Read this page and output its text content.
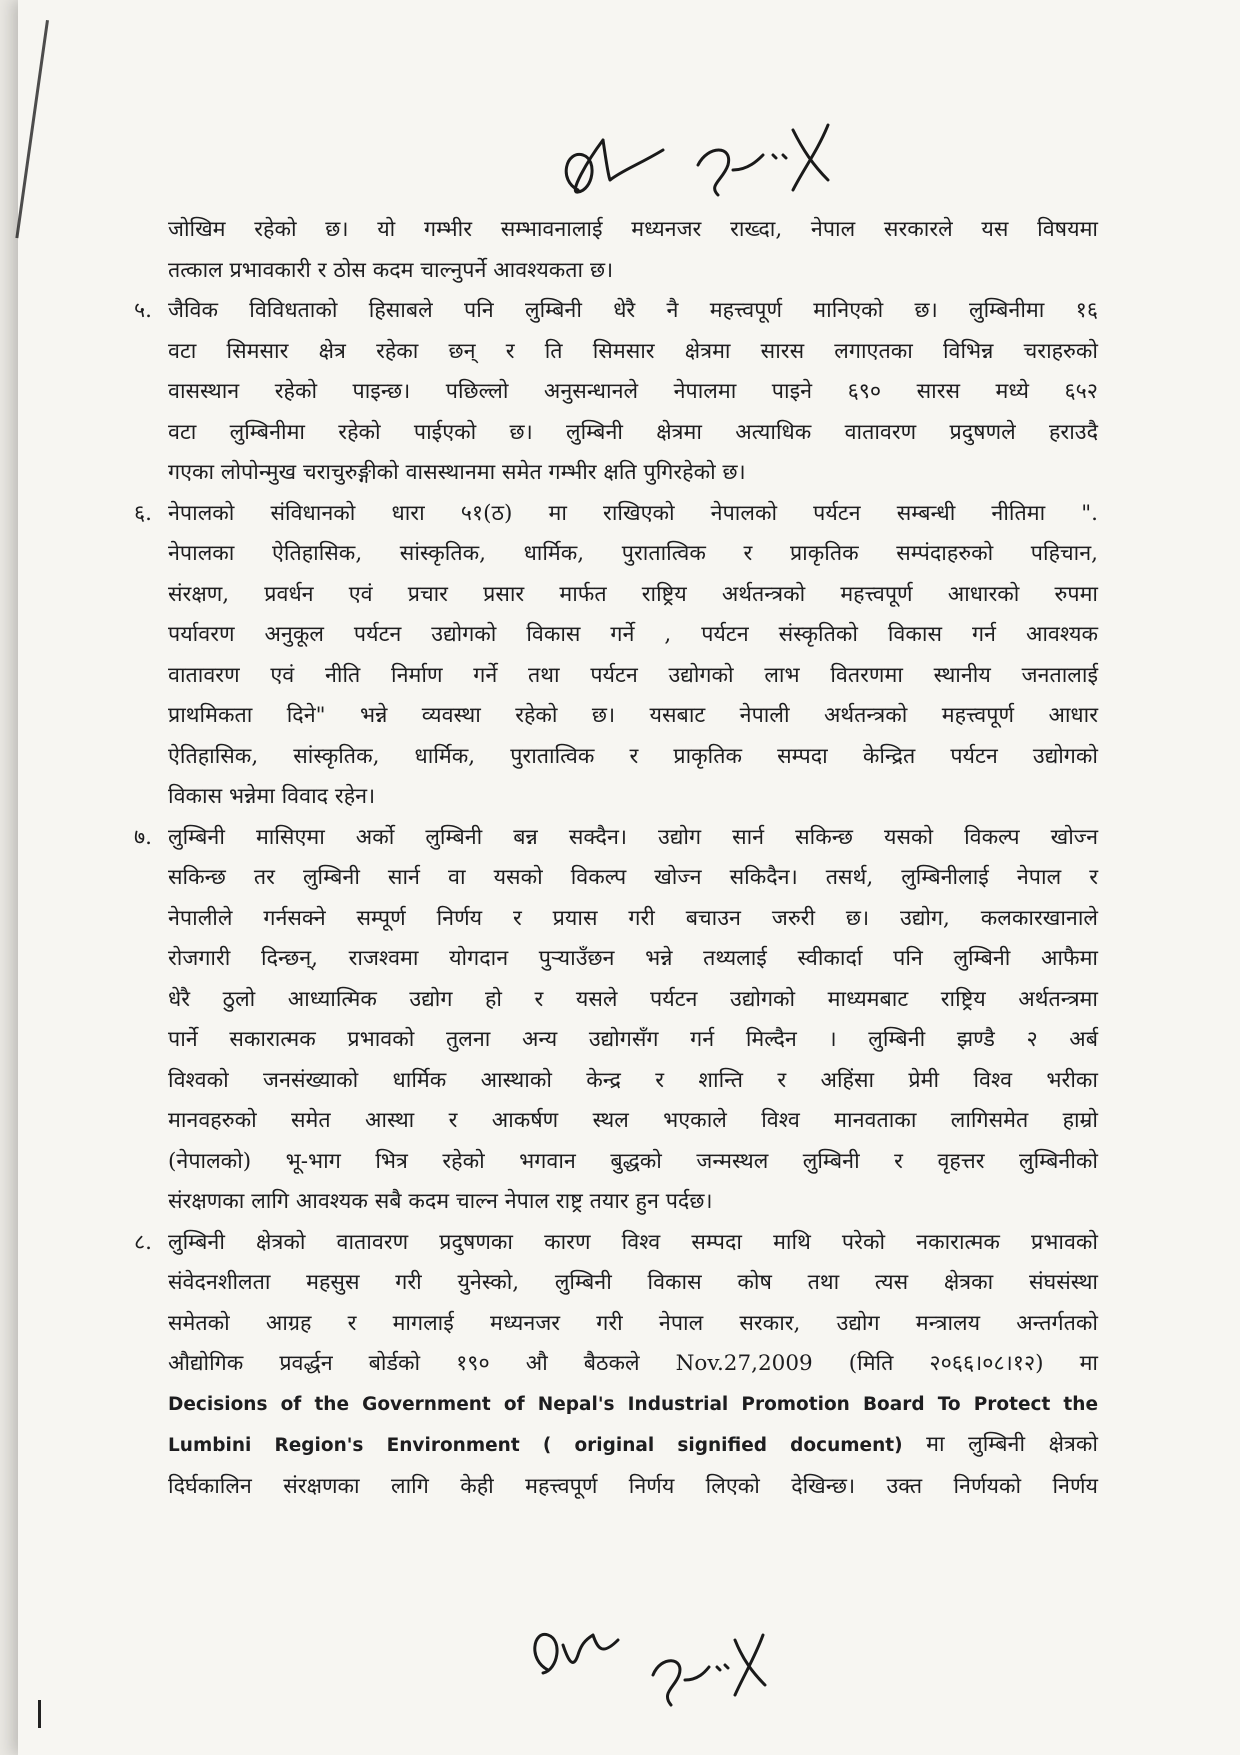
जोखिम रहेको छ। यो गम्भीर सम्भावनालाई मध्यनजर राख्दा, नेपाल सरकारले यस विषयमा
तत्काल प्रभावकारी र ठोस कदम चाल्नुपर्ने आवश्यकता छ।
५. जैविक विविधताको हिसाबले पनि लुम्बिनी धेरै नै महत्त्वपूर्ण मानिएको छ। लुम्बिनीमा १६
वटा सिमसार क्षेत्र रहेका छन् र ति सिमसार क्षेत्रमा सारस लगाएतका विभिन्न चराहरुको
वासस्थान रहेको पाइन्छ। पछिल्लो अनुसन्धानले नेपालमा पाइने ६९० सारस मध्ये ६५२
वटा लुम्बिनीमा रहेको पाईएको छ। लुम्बिनी क्षेत्रमा अत्याधिक वातावरण प्रदुषणले हराउदै
गएका लोपोन्मुख चराचुरुङ्गीको वासस्थानमा समेत गम्भीर क्षति पुगिरहेको छ।
६. नेपालको संविधानको धारा ५१(ठ) मा राखिएको नेपालको पर्यटन सम्बन्धी नीतिमा ".
नेपालका ऐतिहासिक, सांस्कृतिक, धार्मिक, पुरातात्विक र प्राकृतिक सम्पंदाहरुको पहिचान,
संरक्षण, प्रवर्धन एवं प्रचार प्रसार मार्फत राष्ट्रिय अर्थतन्त्रको महत्त्वपूर्ण आधारको रुपमा
पर्यावरण अनुकूल पर्यटन उद्योगको विकास गर्ने , पर्यटन संस्कृतिको विकास गर्न आवश्यक
वातावरण एवं नीति निर्माण गर्ने तथा पर्यटन उद्योगको लाभ वितरणमा स्थानीय जनतालाई
प्राथमिकता दिने" भन्ने व्यवस्था रहेको छ। यसबाट नेपाली अर्थतन्त्रको महत्त्वपूर्ण आधार
ऐतिहासिक, सांस्कृतिक, धार्मिक, पुरातात्विक र प्राकृतिक सम्पदा केन्द्रित पर्यटन उद्योगको
विकास भन्नेमा विवाद रहेन।
७. लुम्बिनी मासिएमा अर्को लुम्बिनी बन्न सक्दैन। उद्योग सार्न सकिन्छ यसको विकल्प खोज्न
सकिन्छ तर लुम्बिनी सार्न वा यसको विकल्प खोज्न सकिदैन। तसर्थ, लुम्बिनीलाई नेपाल र
नेपालीले गर्नसक्ने सम्पूर्ण निर्णय र प्रयास गरी बचाउन जरुरी छ। उद्योग, कलकारखानाले
रोजगारी दिन्छन्, राजश्वमा योगदान पुऱ्याउँछन भन्ने तथ्यलाई स्वीकार्दा पनि लुम्बिनी आफैमा
धेरै ठुलो आध्यात्मिक उद्योग हो र यसले पर्यटन उद्योगको माध्यमबाट राष्ट्रिय अर्थतन्त्रमा
पार्ने सकारात्मक प्रभावको तुलना अन्य उद्योगसँग गर्न मिल्दैन । लुम्बिनी झण्डै २ अर्ब
विश्वको जनसंख्याको धार्मिक आस्थाको केन्द्र र शान्ति र अहिंसा प्रेमी विश्व भरीका
मानवहरुको समेत आस्था र आकर्षण स्थल भएकाले विश्व मानवताका लागिसमेत हाम्रो
(नेपालको) भू-भाग भित्र रहेको भगवान बुद्धको जन्मस्थल लुम्बिनी र वृहत्तर लुम्बिनीको
संरक्षणका लागि आवश्यक सबै कदम चाल्न नेपाल राष्ट्र तयार हुन पर्दछ।
८. लुम्बिनी क्षेत्रको वातावरण प्रदुषणका कारण विश्व सम्पदा माथि परेको नकारात्मक प्रभावको
संवेदनशीलता महसुस गरी युनेस्को, लुम्बिनी विकास कोष तथा त्यस क्षेत्रका संघसंस्था
समेतको आग्रह र मागलाई मध्यनजर गरी नेपाल सरकार, उद्योग मन्त्रालय अन्तर्गतको
औद्योगिक प्रवर्द्धन बोर्डको १९० औ बैठकले Nov.27,2009 (मिति २०६६।०८।१२) मा
Decisions of the Government of Nepal's Industrial Promotion Board To Protect the
Lumbini Region's Environment ( original signified document) मा लुम्बिनी क्षेत्रको
दिर्घकालिन संरक्षणका लागि केही महत्त्वपूर्ण निर्णय लिएको देखिन्छ। उक्त निर्णयको निर्णय
